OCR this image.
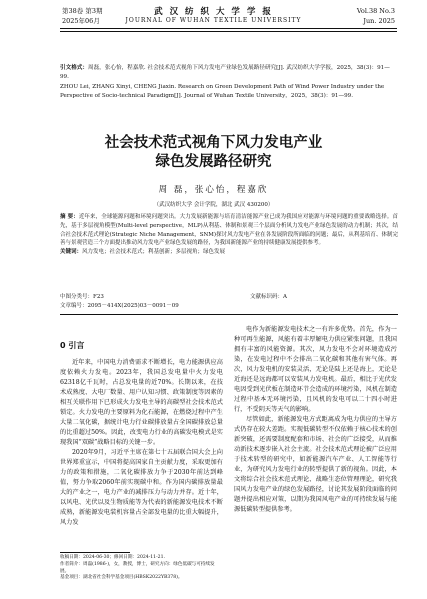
第38卷 第3期
2025年06月
武 汉 纺 织 大 学 学 报
JOURNAL OF WUHAN TEXTILE UNIVERSITY
Vol.38 No.3
Jun. 2025

引文格式：周磊，张心怡，程嘉欣. 社会技术范式视角下风力发电产业绿色发展路径研究[J]. 武汉纺织大学学报，2025，38(3)：91—99.

ZHOU Lei, ZHANG Xinyi, CHENG Jiaxin. Research on Green Development Path of Wind Power Industry under the Perspective of Socio-technical Paradigm[J]. Journal of Wuhan Textile University，2025，38(3)：91—99.

社会技术范式视角下风力发电产业
绿色发展路径研究
周 磊，张心怡，程嘉欣
（武汉纺织大学 会计学院，湖北 武汉 430200）
摘 要：近年来，全球能源问题和环境问题突出。大力发展新能源与培育清洁能源产业已成为我国应对能源与环境问题的重要战略选择。首先，基于多层视角模型(Multi-level perspective，MLP)从利基、体制和景观三个层面分析风力发电产业绿色发展的动力机制；其次，结合社会技术范式理论(Strategic Niche Management，SNM)探讨风力发电产业在各发展阶段所面临的问题；最后，从利基培育、体制完善与景观营造三个方面提出推动风力发电产业绿色发展的路径，为我国新能源产业的持续健康发展提供参考。
关键词：风力发电；社会技术范式；利基创新；多层视角；绿色发展
中图分类号：F23	文献标识码：A
文章编号：2095－414X(2025)03－0091－09

0 引言

近年来，中国电力消费需求不断增长，电力能源供应高度依赖火力发电。2023年，我国总发电量中火力发电62318亿千瓦时，占总发电量的近70%。长期以来，在技术成熟度、大电厂数量、用户认知习惯、政策制度等因素的相互关联作用下已形成火力发电主导的高碳型社会技术范式锁定。火力发电的主要原料为化石能源，在燃烧过程中产生大量二氧化碳，据统计电力行业碳排放量占全国碳排放总量的比重超过50%。因此，改变电力行业的高碳发电模式是实现我国“双碳”战略目标的关键一步。

2020年9月，习近平主席在第七十五届联合国大会上向世界郑重宣示，中国将提高国家自主贡献力度，采取更加有力的政策和措施，二氧化碳排放力争于2030年前达到峰值，努力争取2060年前实现碳中和。作为国内碳排放量最大的产业之一，电力产业的减排压力与动力并存。近十年，以风电、光伏以及生物质能等为代表的新能源发电技术不断成熟，新能源发电装机容量占全部发电量的比重大幅提升，风力发

电作为新能源发电技术之一有许多优势。首先，作为一种可再生能源，风能有着丰厚解电力供应紧张问题，且我国拥有丰富的风能资源。其次，风力发电不会对环境造成污染，在发电过程中不会排出二氧化碳和其他有害气体。再次，风力发电机的安装灵活，无论是陆上还是海上，无论是近海还是远海都可以安装风力发电机。最后，相比于光伏发电因受到光伏板在制造环节会造成的环境污染，风机在制造过程中基本无环境污染，且风机的发电可以二十四小时进行，不受阴天等天气的影响。

尽管如此，新能源发电方式距离成为电力供应的主导方式仍存在较大差距。实现低碳转型不仅依赖于核心技术的创新突破，还需要制度配套和市场、社会的广泛接受，从而推动新技术逐步嵌入社会主流。社会技术范式理论被广泛应用于技术转型的研究中，如新能源汽车产业、人工智能等行业，为研究风力发电行业的转型提供了新的视角。因此，本文将综合社会技术范式理论、战略生态位管理理论，研究我国风力发电产业的绿色发展路径，讨论其发展阶段面临的问题并提出相应对策，以期为我国风电产业的可持续发展与能源低碳转型提供参考。

收稿日期：2024-06-30；修回日期：2024-11-21.

作者简介：周磊(1986-)，女，教授，博士，研究方向：绿色低碳与可持续发展。

基金项目：湖北省社会科学基金项目(HBSK2022YB378)。
